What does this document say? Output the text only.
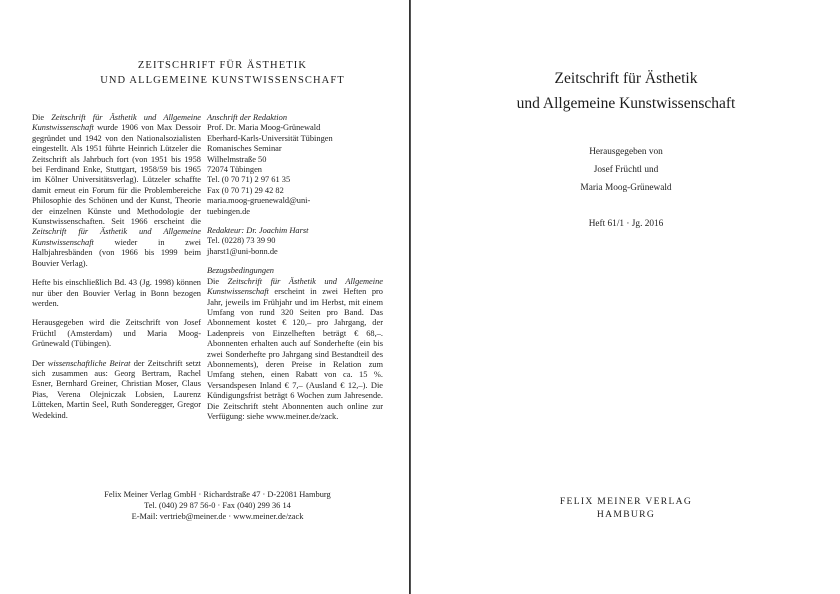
ZEITSCHRIFT FÜR ÄSTHETIK
UND ALLGEMEINE KUNSTWISSENSCHAFT

Die Zeitschrift für Ästhetik und Allgemeine Kunstwissenschaft wurde 1906 von Max Dessoir gegründet und 1942 von den Nationalsozialisten eingestellt. Als 1951 führte Heinrich Lützeler die Zeitschrift als Jahrbuch fort (von 1951 bis 1958 bei Ferdinand Enke, Stuttgart, 1958/59 bis 1965 im Kölner Universitätsverlag). Lützeler schaffte damit erneut ein Forum für die Problembereiche Philosophie des Schönen und der Kunst, Theorie der einzelnen Künste und Methodologie der Kunstwissenschaften. Seit 1966 erscheint die Zeitschrift für Ästhetik und Allgemeine Kunstwissenschaft wieder in zwei Halbjahresbänden (von 1966 bis 1999 beim Bouvier Verlag).

Hefte bis einschließlich Bd. 43 (Jg. 1998) können nur über den Bouvier Verlag in Bonn bezogen werden.

Herausgegeben wird die Zeitschrift von Josef Früchtl (Amsterdam) und Maria Moog-Grünewald (Tübingen).

Der wissenschaftliche Beirat der Zeitschrift setzt sich zusammen aus: Georg Bertram, Rachel Esner, Bernhard Greiner, Christian Moser, Claus Pias, Verena Olejniczak Lobsien, Laurenz Lütteken, Martin Seel, Ruth Sonderegger, Gregor Wedekind.

Anschrift der Redaktion
Prof. Dr. Maria Moog-Grünewald
Eberhard-Karls-Universität Tübingen
Romanisches Seminar
Wilhelmstraße 50
72074 Tübingen
Tel. (0 70 71) 2 97 61 35
Fax (0 70 71) 29 42 82
maria.moog-gruenewald@uni-
tuebingen.de
Redakteur: Dr. Joachim Harst
Tel. (0228) 73 39 90
jharst1@uni-bonn.de
Bezugsbedingungen
Die Zeitschrift für Ästhetik und Allgemeine Kunstwissenschaft erscheint in zwei Heften pro Jahr, jeweils im Frühjahr und im Herbst, mit einem Umfang von rund 320 Seiten pro Band. Das Abonnement kostet € 120,– pro Jahrgang, der Ladenpreis von Einzelheften beträgt € 68,–. Abonnenten erhalten auch auf Sonderhefte (ein bis zwei Sonderhefte pro Jahrgang sind Bestandteil des Abonnements), deren Preise in Relation zum Umfang stehen, einen Rabatt von ca. 15 %. Versandspesen Inland € 7,– (Ausland € 12,–). Die Kündigungsfrist beträgt 6 Wochen zum Jahresende. Die Zeitschrift steht Abonnenten auch online zur Verfügung: siehe www.meiner.de/zack.
Felix Meiner Verlag GmbH · Richardstraße 47 · D-22081 Hamburg
Tel. (040) 29 87 56-0 · Fax (040) 299 36 14
E-Mail: vertrieb@meiner.de · www.meiner.de/zack
Zeitschrift für Ästhetik
und Allgemeine Kunstwissenschaft
Herausgegeben von
Josef Früchtl und
Maria Moog-Grünewald
Heft 61/1 · Jg. 2016
FELIX MEINER VERLAG
HAMBURG
